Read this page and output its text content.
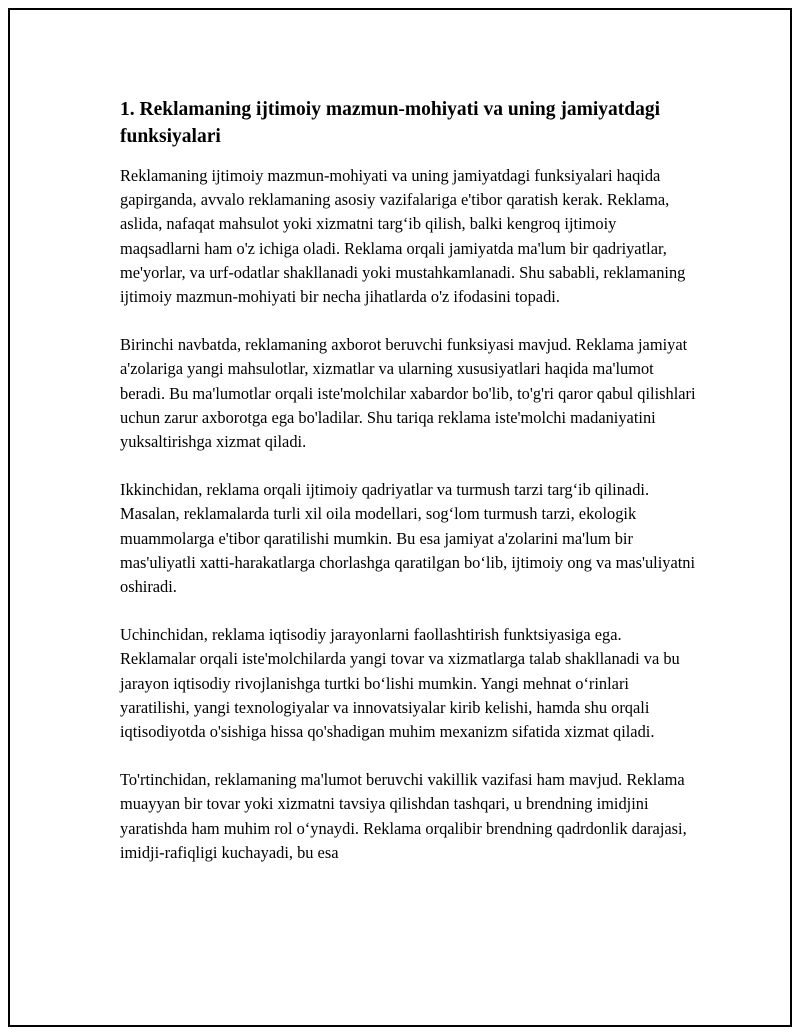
1. Reklamaning ijtimoiy mazmun-mohiyati va uning jamiyatdagi funksiyalari

Reklamaning ijtimoiy mazmun-mohiyati va uning jamiyatdagi funksiyalari haqida gapirganda, avvalo reklamaning asosiy vazifalariga e'tibor qaratish kerak. Reklama, aslida, nafaqat mahsulot yoki xizmatni targ‘ib qilish, balki kengroq ijtimoiy maqsadlarni ham o'z ichiga oladi. Reklama orqali jamiyatda ma'lum bir qadriyatlar, me'yorlar, va urf-odatlar shakllanadi yoki mustahkamlanadi. Shu sababli, reklamaning ijtimoiy mazmun-mohiyati bir necha jihatlarda o'z ifodasini topadi.

Birinchi navbatda, reklamaning axborot beruvchi funksiyasi mavjud. Reklama jamiyat a'zolariga yangi mahsulotlar, xizmatlar va ularning xususiyatlari haqida ma'lumot beradi. Bu ma'lumotlar orqali iste'molchilar xabardor bo'lib, to'g'ri qaror qabul qilishlari uchun zarur axborotga ega bo'ladilar. Shu tariqa reklama iste'molchi madaniyatini yuksaltirishga xizmat qiladi.

Ikkinchidan, reklama orqali ijtimoiy qadriyatlar va turmush tarzi targ‘ib qilinadi. Masalan, reklamalarda turli xil oila modellari, sog‘lom turmush tarzi, ekologik muammolarga e'tibor qaratilishi mumkin. Bu esa jamiyat a'zolarini ma'lum bir mas'uliyatli xatti-harakatlarga chorlashga qaratilgan bo‘lib, ijtimoiy ong va mas'uliyatni oshiradi.

Uchinchidan, reklama iqtisodiy jarayonlarni faollashtirish funktsiyasiga ega. Reklamalar orqali iste'molchilarda yangi tovar va xizmatlarga talab shakllanadi va bu jarayon iqtisodiy rivojlanishga turtki bo‘lishi mumkin. Yangi mehnat o‘rinlari yaratilishi, yangi texnologiyalar va innovatsiyalar kirib kelishi, hamda shu orqali iqtisodiyotda o'sishiga hissa qo'shadigan muhim mexanizm sifatida xizmat qiladi.

To'rtinchidan, reklamaning ma'lumot beruvchi vakillik vazifasi ham mavjud. Reklama muayyan bir tovar yoki xizmatni tavsiya qilishdan tashqari, u brendning imidjini yaratishda ham muhim rol o‘ynaydi. Reklama orqalibir brendning qadrdonlik darajasi, imidji-rafiqligi kuchayadi, bu esa
